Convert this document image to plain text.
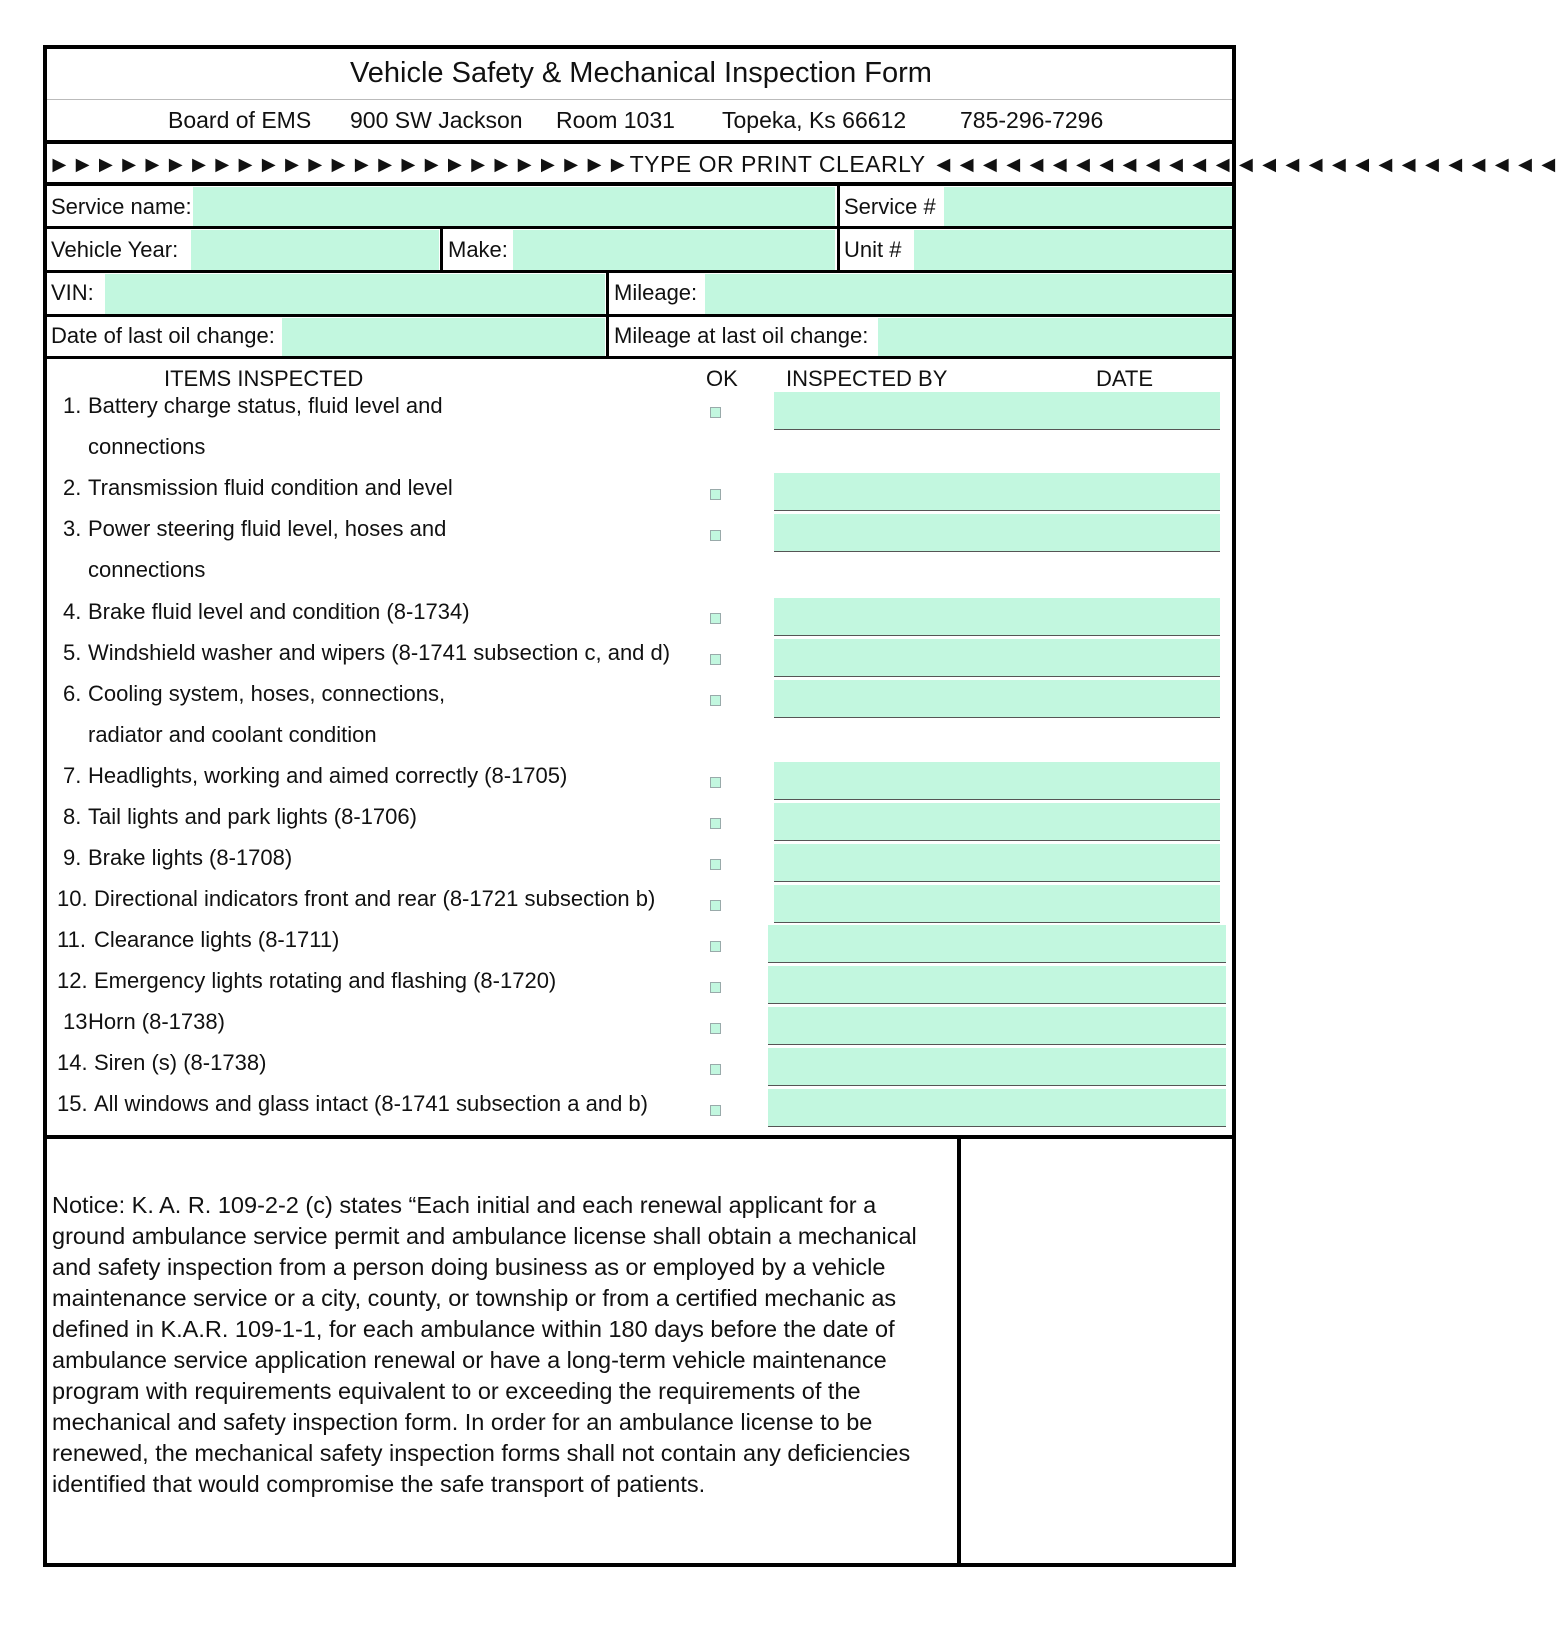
Vehicle Safety & Mechanical Inspection Form
Board of EMS 900 SW Jackson Room 1031 Topeka, Ks 66612 785-296-7296
►►►►►►►►►►►►►►►►►►►►►►►►►TYPE OR PRINT CLEARLY ◄◄◄◄◄◄◄◄◄◄◄◄◄◄◄◄◄◄◄◄◄◄◄◄◄◄◄
Service name:	Service #
Vehicle Year:	Make:	Unit #
VIN:	Mileage:
Date of last oil change:	Mileage at last oil change:
ITEMS INSPECTED	OK INSPECTED BY	DATE
1. Battery charge status, fluid level and
connections
2. Transmission fluid condition and level
3. Power steering fluid level, hoses and
connections
4. Brake fluid level and condition (8-1734)
5. Windshield washer and wipers (8-1741 subsection c, and d)
6. Cooling system, hoses, connections,
radiator and coolant condition
7. Headlights, working and aimed correctly (8-1705)
8. Tail lights and park lights (8-1706)
9. Brake lights (8-1708)
10. Directional indicators front and rear (8-1721 subsection b)
11. Clearance lights (8-1711)
12. Emergency lights rotating and flashing (8-1720)
13 Horn (8-1738)
14. Siren (s) (8-1738)
15. All windows and glass intact (8-1741 subsection a and b)
Notice: K. A. R. 109-2-2 (c) states “Each initial and each renewal applicant for a ground ambulance service permit and ambulance license shall obtain a mechanical and safety inspection from a person doing business as or employed by a vehicle maintenance service or a city, county, or township or from a certified mechanic as defined in K.A.R. 109-1-1, for each ambulance within 180 days before the date of ambulance service application renewal or have a long-term vehicle maintenance program with requirements equivalent to or exceeding the requirements of the mechanical and safety inspection form. In order for an ambulance license to be renewed, the mechanical safety inspection forms shall not contain any deficiencies identified that would compromise the safe transport of patients.
